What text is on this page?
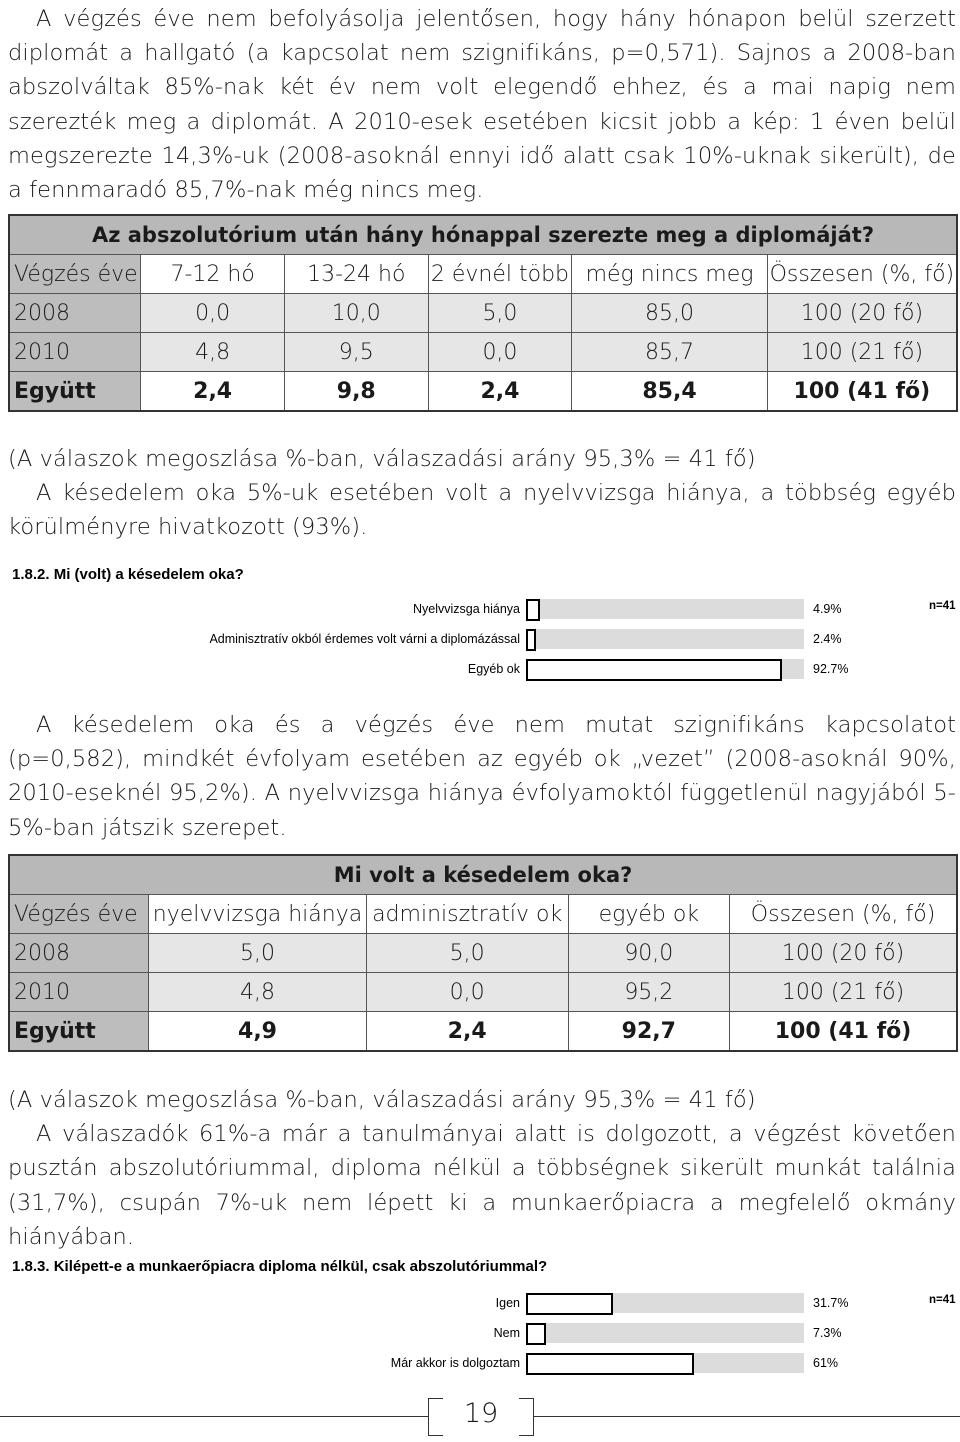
A végzés éve nem befolyásolja jelentősen, hogy hány hónapon belül szerzett diplomát a hallgató (a kapcsolat nem szignifikáns, p=0,571). Sajnos a 2008-ban abszolváltak 85%-nak két év nem volt elegendő ehhez, és a mai napig nem szerezték meg a diplomát. A 2010-esek esetében kicsit jobb a kép: 1 éven belül megszerezte 14,3%-uk (2008-asoknál ennyi idő alatt csak 10%-uknak sikerült), de a fennmaradó 85,7%-nak még nincs meg.

Az abszolutórium után hány hónappal szerezte meg a diplomáját?					
Végzés éve	7-12 hó	13-24 hó	2 évnél több	még nincs meg	Összesen (%, fő)
2008	0,0	10,0	5,0	85,0	100 (20 fő)
2010	4,8	9,5	0,0	85,7	100 (21 fő)
Együtt	2,4	9,8	2,4	85,4	100 (41 fő)

(A válaszok megoszlása %-ban, válaszadási arány 95,3% = 41 fő)

A késedelem oka 5%-uk esetében volt a nyelvvizsga hiánya, a többség egyéb körülményre hivatkozott (93%).

1.8.2. Mi (volt) a késedelem oka?
n=41
Nyelvvizsga hiánya	4.9%
Adminisztratív okból érdemes volt várni a diplomázással	2.4%
Egyéb ok	92.7%

A késedelem oka és a végzés éve nem mutat szignifikáns kapcsolatot (p=0,582), mindkét évfolyam esetében az egyéb ok „vezet” (2008-asoknál 90%, 2010-eseknél 95,2%). A nyelvvizsga hiánya évfolyamoktól függetlenül nagyjából 5-5%-ban játszik szerepet.

Mi volt a késedelem oka?				
Végzés éve	nyelvvizsga hiánya	adminisztratív ok	egyéb ok	Összesen (%, fő)
2008	5,0	5,0	90,0	100 (20 fő)
2010	4,8	0,0	95,2	100 (21 fő)
Együtt	4,9	2,4	92,7	100 (41 fő)

(A válaszok megoszlása %-ban, válaszadási arány 95,3% = 41 fő)

A válaszadók 61%-a már a tanulmányai alatt is dolgozott, a végzést követően pusztán abszolutóriummal, diploma nélkül a többségnek sikerült munkát találnia (31,7%), csupán 7%-uk nem lépett ki a munkaerőpiacra a megfelelő okmány hiányában.

1.8.3. Kilépett-e a munkaerőpiacra diploma nélkül, csak abszolutóriummal?
n=41
Igen	31.7%
Nem	7.3%
Már akkor is dolgoztam	61%
19
